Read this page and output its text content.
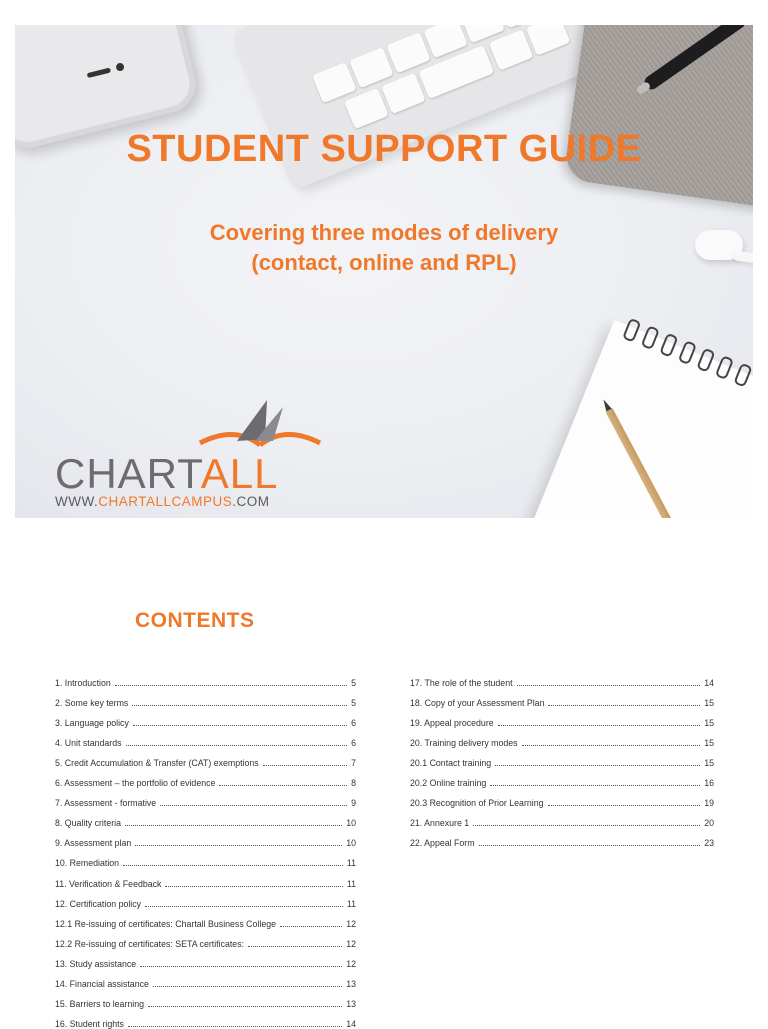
STUDENT SUPPORT GUIDE
Covering three modes of delivery
(contact, online and RPL)
CHARTALL
WWW.CHARTALLCAMPUS.COM
CONTENTS
1. Introduction	5
2. Some key terms	5
3. Language policy	6
4. Unit standards	6
5. Credit Accumulation & Transfer (CAT) exemptions	7
6. Assessment – the portfolio of evidence	8
7. Assessment - formative	9
8. Quality criteria	10
9. Assessment plan	10
10. Remediation	11
11. Verification & Feedback	11
12. Certification policy	11
12.1 Re-issuing of certificates: Chartall Business College	12
12.2 Re-issuing of certificates: SETA certificates:	12
13. Study assistance	12
14. Financial assistance	13
15. Barriers to learning	13
16. Student rights	14
17. The role of the student	14
18. Copy of your Assessment Plan	15
19. Appeal procedure	15
20. Training delivery modes	15
20.1 Contact training	15
20.2 Online training	16
20.3 Recognition of Prior Learning	19
21. Annexure 1	20
22. Appeal Form	23
